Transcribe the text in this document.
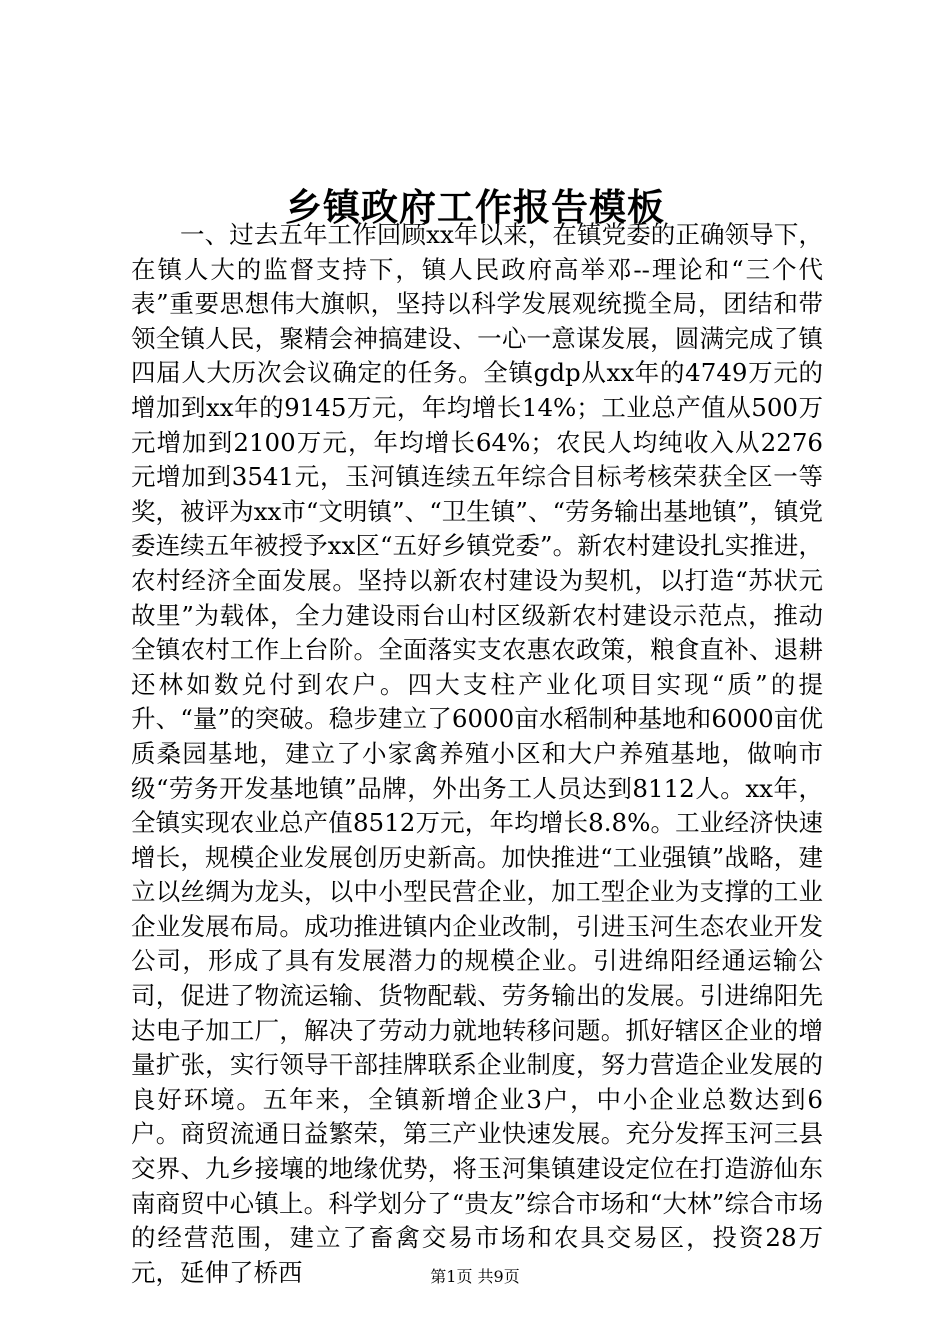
乡镇政府工作报告模板

一、过去五年工作回顾xx年以来，在镇党委的正确领导下，在镇人大的监督支持下，镇人民政府高举邓--理论和“三个代表”重要思想伟大旗帜，坚持以科学发展观统揽全局，团结和带领全镇人民，聚精会神搞建设、一心一意谋发展，圆满完成了镇四届人大历次会议确定的任务。全镇gdp从xx年的4749万元的增加到xx年的9145万元，年均增长14%；工业总产值从500万元增加到2100万元，年均增长64%；农民人均纯收入从2276元增加到3541元，玉河镇连续五年综合目标考核荣获全区一等奖，被评为xx市“文明镇”、“卫生镇”、“劳务输出基地镇”，镇党委连续五年被授予xx区“五好乡镇党委”。新农村建设扎实推进，农村经济全面发展。坚持以新农村建设为契机，以打造“苏状元故里”为载体，全力建设雨台山村区级新农村建设示范点，推动全镇农村工作上台阶。全面落实支农惠农政策，粮食直补、退耕还林如数兑付到农户。四大支柱产业化项目实现“质”的提升、“量”的突破。稳步建立了6000亩水稻制种基地和6000亩优质桑园基地，建立了小家禽养殖小区和大户养殖基地，做响市级“劳务开发基地镇”品牌，外出务工人员达到8112人。xx年，全镇实现农业总产值8512万元，年均增长8.8%。工业经济快速增长，规模企业发展创历史新高。加快推进“工业强镇”战略，建立以丝绸为龙头，以中小型民营企业，加工型企业为支撑的工业企业发展布局。成功推进镇内企业改制，引进玉河生态农业开发公司，形成了具有发展潜力的规模企业。引进绵阳经通运输公司，促进了物流运输、货物配载、劳务输出的发展。引进绵阳先达电子加工厂，解决了劳动力就地转移问题。抓好辖区企业的增量扩张，实行领导干部挂牌联系企业制度，努力营造企业发展的良好环境。五年来，全镇新增企业3户，中小企业总数达到6户。商贸流通日益繁荣，第三产业快速发展。充分发挥玉河三县交界、九乡接壤的地缘优势，将玉河集镇建设定位在打造游仙东南商贸中心镇上。科学划分了“贵友”综合市场和“大林”综合市场的经营范围，建立了畜禽交易市场和农具交易区，投资28万元，延伸了桥西	第1页 共9页
